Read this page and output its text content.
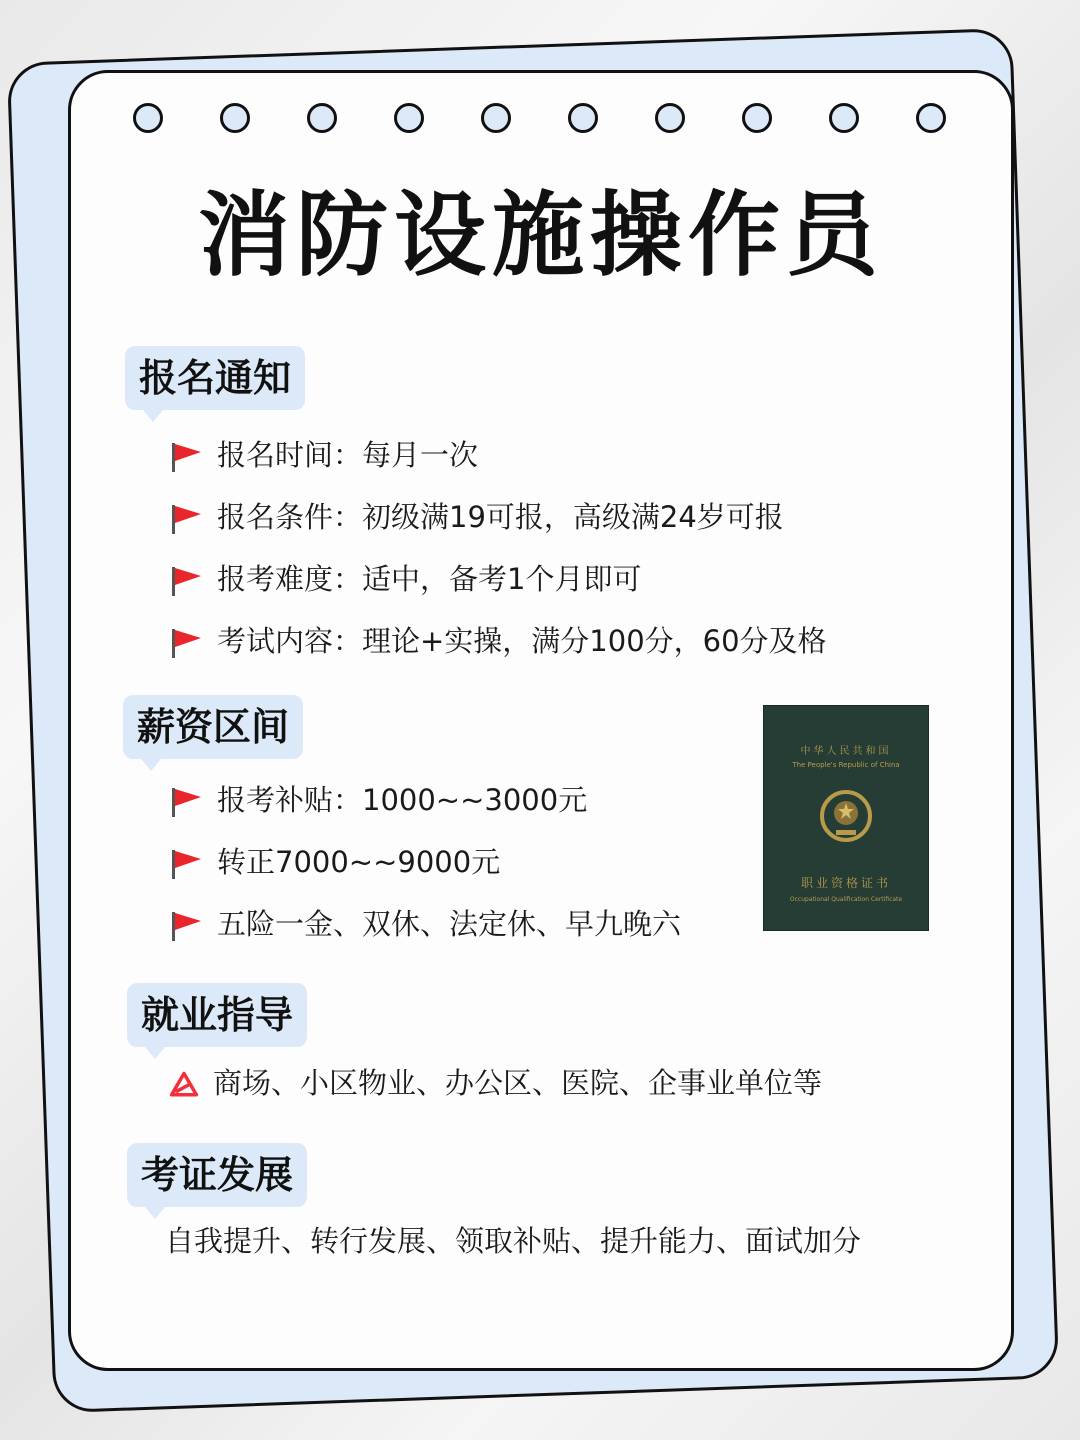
消防设施操作员
报名通知
报名时间：每月一次
报名条件：初级满19可报，高级满24岁可报
报考难度：适中，备考1个月即可
考试内容：理论+实操，满分100分，60分及格
薪资区间
报考补贴：1000~~3000元
转正7000~~9000元
五险一金、双休、法定休、早九晚六
中华人民共和国
The People's Republic of China
职业资格证书
Occupational Qualification Certificate
就业指导
商场、小区物业、办公区、医院、企事业单位等
考证发展
自我提升、转行发展、领取补贴、提升能力、面试加分
